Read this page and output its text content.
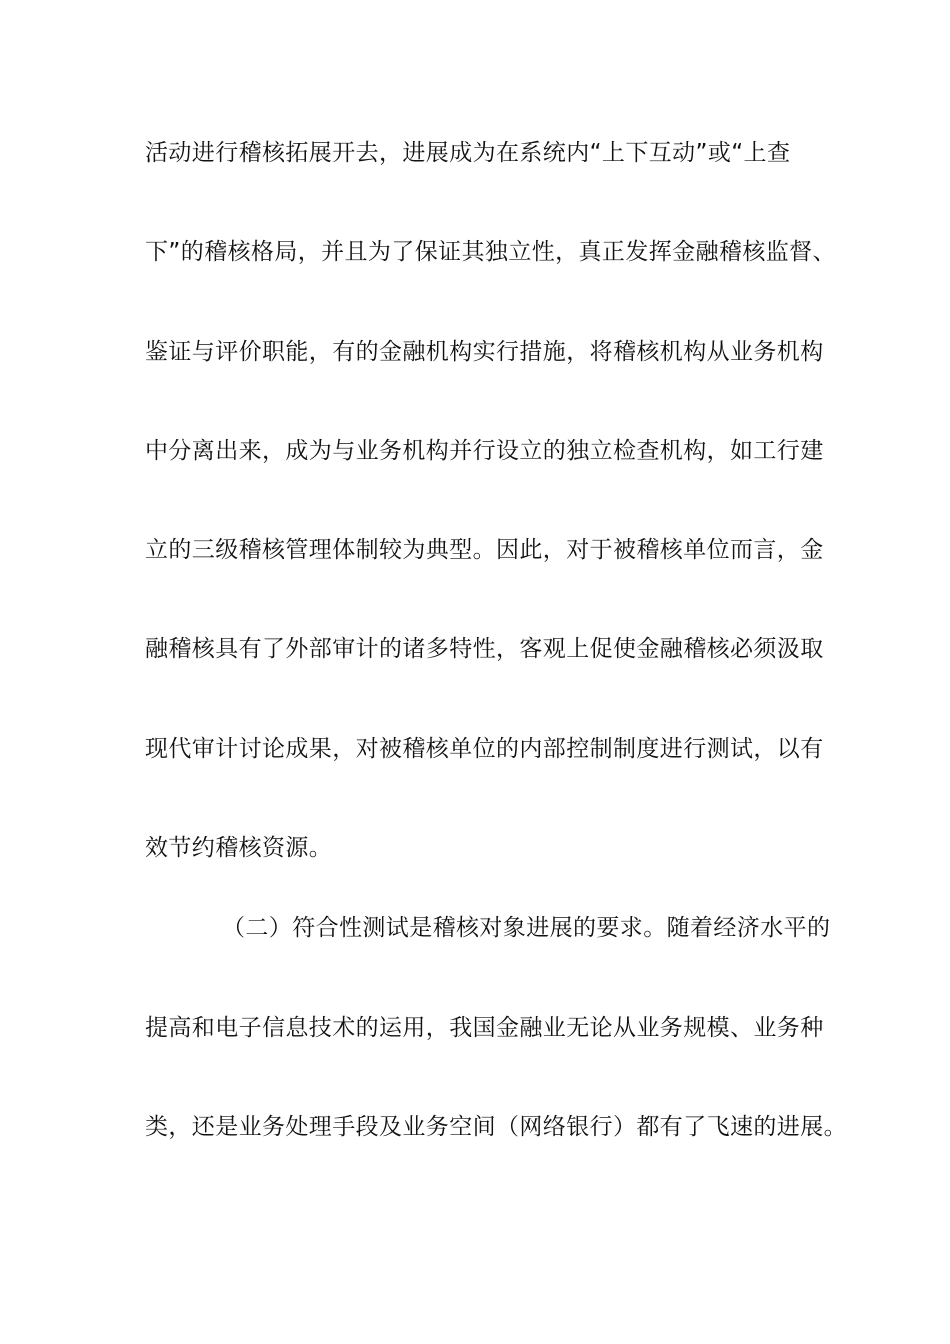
活动进行稽核拓展开去，进展成为在系统内“上下互动”或“上查
下”的稽核格局，并且为了保证其独立性，真正发挥金融稽核监督、
鉴证与评价职能，有的金融机构实行措施，将稽核机构从业务机构
中分离出来，成为与业务机构并行设立的独立检查机构，如工行建
立的三级稽核管理体制较为典型。因此，对于被稽核单位而言，金
融稽核具有了外部审计的诸多特性，客观上促使金融稽核必须汲取
现代审计讨论成果，对被稽核单位的内部控制制度进行测试，以有
效节约稽核资源。
（二）符合性测试是稽核对象进展的要求。随着经济水平的
提高和电子信息技术的运用，我国金融业无论从业务规模、业务种
类，还是业务处理手段及业务空间（网络银行）都有了飞速的进展。
